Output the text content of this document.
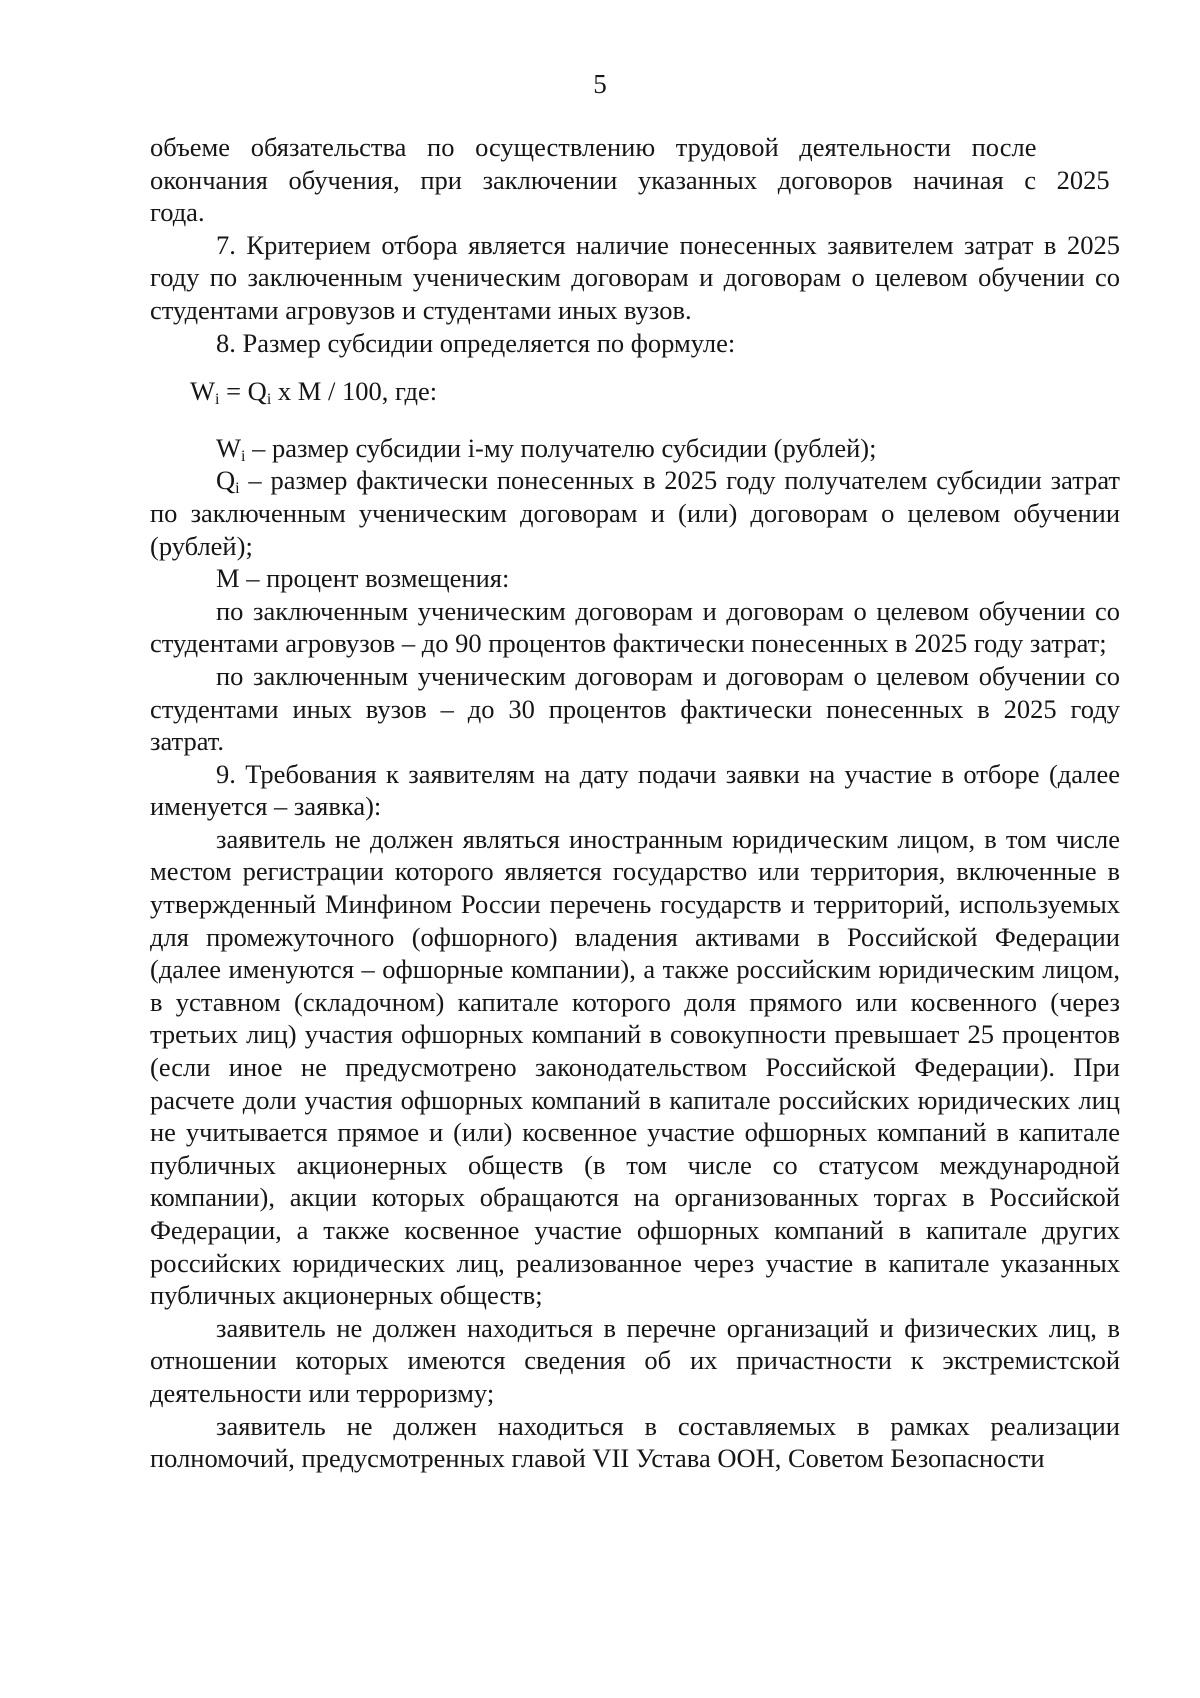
5

объеме обязательства по осуществлению трудовой деятельности после окончания обучения, при заключении указанных договоров начиная с 2025 года.

7. Критерием отбора является наличие понесенных заявителем затрат в 2025 году по заключенным ученическим договорам и договорам о целевом обучении со студентами агровузов и студентами иных вузов.

8. Размер субсидии определяется по формуле:

$W_i = Q_i$ x M / 100, где:

$W_i$ – размер субсидии i-му получателю субсидии (рублей);

$Q_i$ – размер фактически понесенных в 2025 году получателем субсидии затрат по заключенным ученическим договорам и (или) договорам о целевом обучении (рублей);

M – процент возмещения:

по заключенным ученическим договорам и договорам о целевом обучении со студентами агровузов – до 90 процентов фактически понесенных в 2025 году затрат;

по заключенным ученическим договорам и договорам о целевом обучении со студентами иных вузов – до 30 процентов фактически понесенных в 2025 году затрат.

9. Требования к заявителям на дату подачи заявки на участие в отборе (далее именуется – заявка):

заявитель не должен являться иностранным юридическим лицом, в том числе местом регистрации которого является государство или территория, включенные в утвержденный Минфином России перечень государств и территорий, используемых для промежуточного (офшорного) владения активами в Российской Федерации (далее именуются – офшорные компании), а также российским юридическим лицом, в уставном (складочном) капитале которого доля прямого или косвенного (через третьих лиц) участия офшорных компаний в совокупности превышает 25 процентов (если иное не предусмотрено законодательством Российской Федерации). При расчете доли участия офшорных компаний в капитале российских юридических лиц не учитывается прямое и (или) косвенное участие офшорных компаний в капитале публичных акционерных обществ (в том числе со статусом международной компании), акции которых обращаются на организованных торгах в Российской Федерации, а также косвенное участие офшорных компаний в капитале других российских юридических лиц, реализованное через участие в капитале указанных публичных акционерных обществ;

заявитель не должен находиться в перечне организаций и физических лиц, в отношении которых имеются сведения об их причастности к экстремистской деятельности или терроризму;

заявитель не должен находиться в составляемых в рамках реализации полномочий, предусмотренных главой VII Устава ООН, Советом Безопасности
